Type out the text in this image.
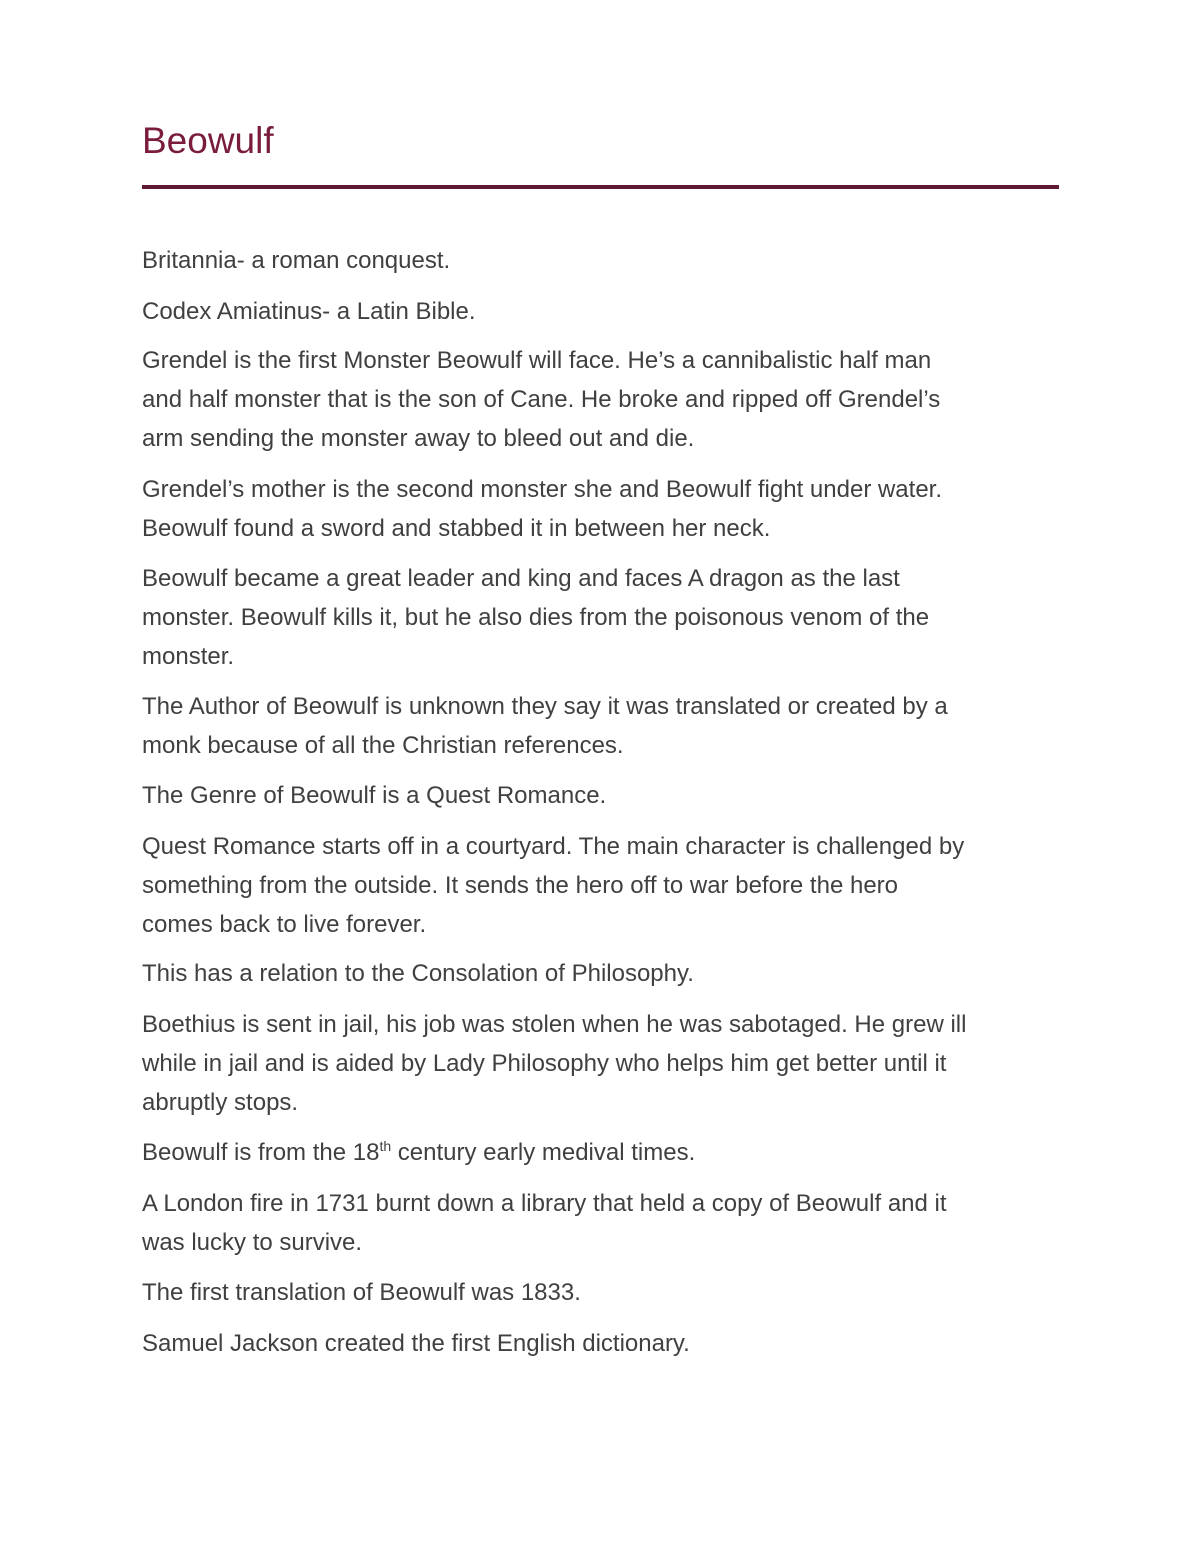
Beowulf

Britannia- a roman conquest.

Codex Amiatinus- a Latin Bible.

Grendel is the first Monster Beowulf will face. He’s a cannibalistic half man
and half monster that is the son of Cane. He broke and ripped off Grendel’s
arm sending the monster away to bleed out and die.

Grendel’s mother is the second monster she and Beowulf fight under water.
Beowulf found a sword and stabbed it in between her neck.

Beowulf became a great leader and king and faces A dragon as the last
monster. Beowulf kills it, but he also dies from the poisonous venom of the
monster.

The Author of Beowulf is unknown they say it was translated or created by a
monk because of all the Christian references.

The Genre of Beowulf is a Quest Romance.

Quest Romance starts off in a courtyard. The main character is challenged by
something from the outside. It sends the hero off to war before the hero
comes back to live forever.

This has a relation to the Consolation of Philosophy.

Boethius is sent in jail, his job was stolen when he was sabotaged. He grew ill
while in jail and is aided by Lady Philosophy who helps him get better until it
abruptly stops.

Beowulf is from the 18th century early medival times.

A London fire in 1731 burnt down a library that held a copy of Beowulf and it
was lucky to survive.

The first translation of Beowulf was 1833.

Samuel Jackson created the first English dictionary.
